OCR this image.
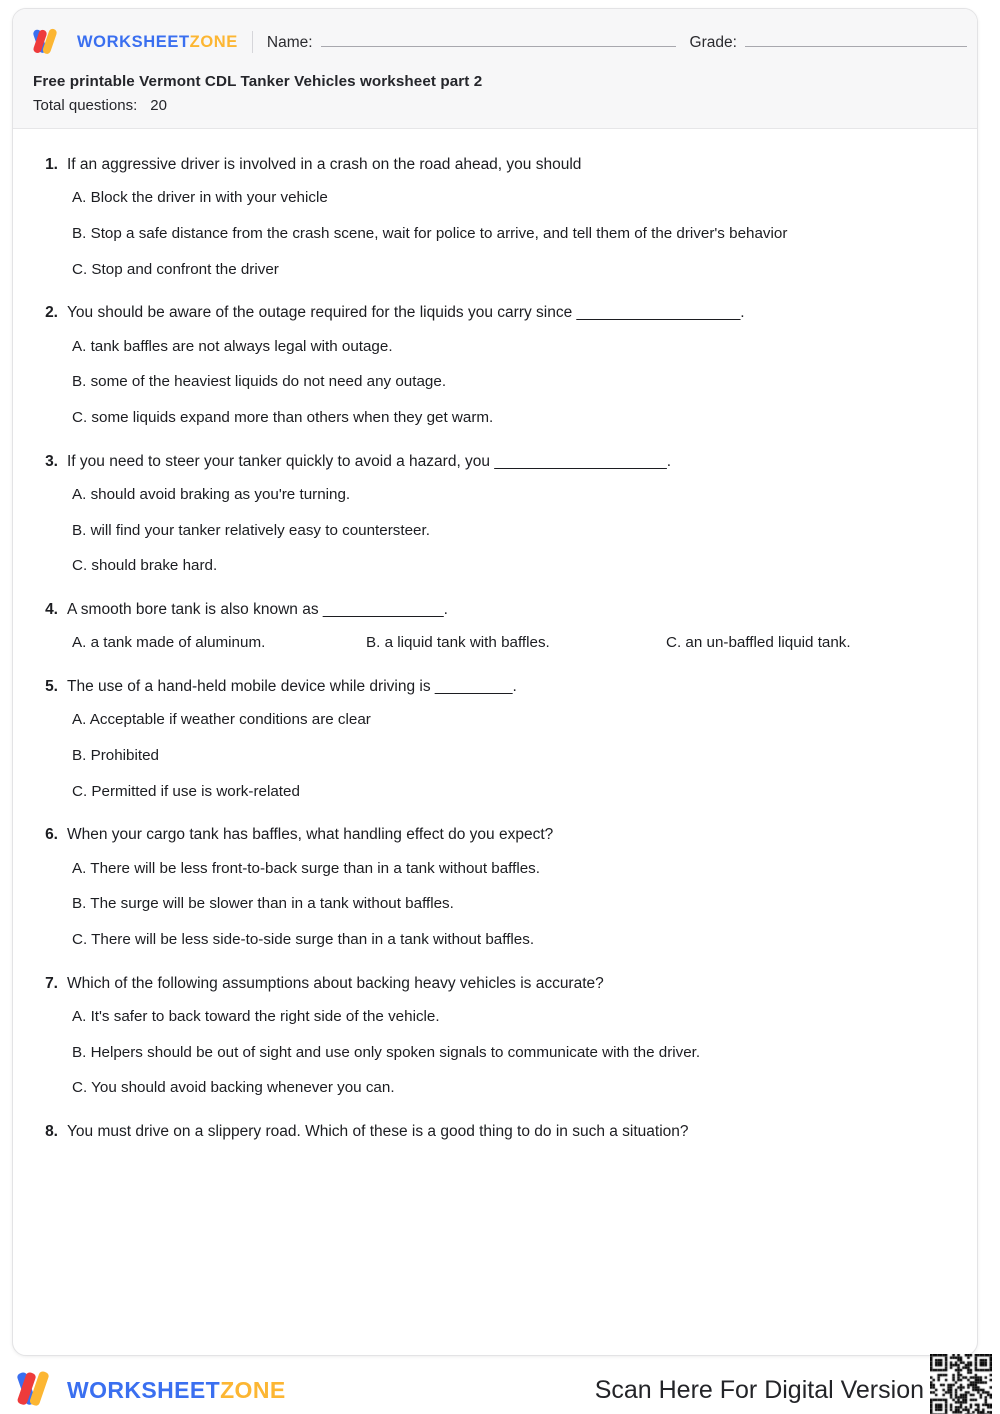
WORKSHEETZONE Name:	Grade:
Free printable Vermont CDL Tanker Vehicles worksheet part 2
Total questions: 20
1. If an aggressive driver is involved in a crash on the road ahead, you should
A. Block the driver in with your vehicle
B. Stop a safe distance from the crash scene, wait for police to arrive, and tell them of the driver's behavior
C. Stop and confront the driver
2. You should be aware of the outage required for the liquids you carry since ___________________.
A. tank baffles are not always legal with outage.
B. some of the heaviest liquids do not need any outage.
C. some liquids expand more than others when they get warm.
3. If you need to steer your tanker quickly to avoid a hazard, you ____________________.
A. should avoid braking as you're turning.
B. will find your tanker relatively easy to countersteer.
C. should brake hard.
4. A smooth bore tank is also known as ______________.
A. a tank made of aluminum.	B. a liquid tank with baffles.	C. an un-baffled liquid tank.
5. The use of a hand-held mobile device while driving is _________.
A. Acceptable if weather conditions are clear
B. Prohibited
C. Permitted if use is work-related
6. When your cargo tank has baffles, what handling effect do you expect?
A. There will be less front-to-back surge than in a tank without baffles.
B. The surge will be slower than in a tank without baffles.
C. There will be less side-to-side surge than in a tank without baffles.
7. Which of the following assumptions about backing heavy vehicles is accurate?
A. It's safer to back toward the right side of the vehicle.
B. Helpers should be out of sight and use only spoken signals to communicate with the driver.
C. You should avoid backing whenever you can.
8. You must drive on a slippery road. Which of these is a good thing to do in such a situation?
WORKSHEETZONE	Scan Here For Digital Version
